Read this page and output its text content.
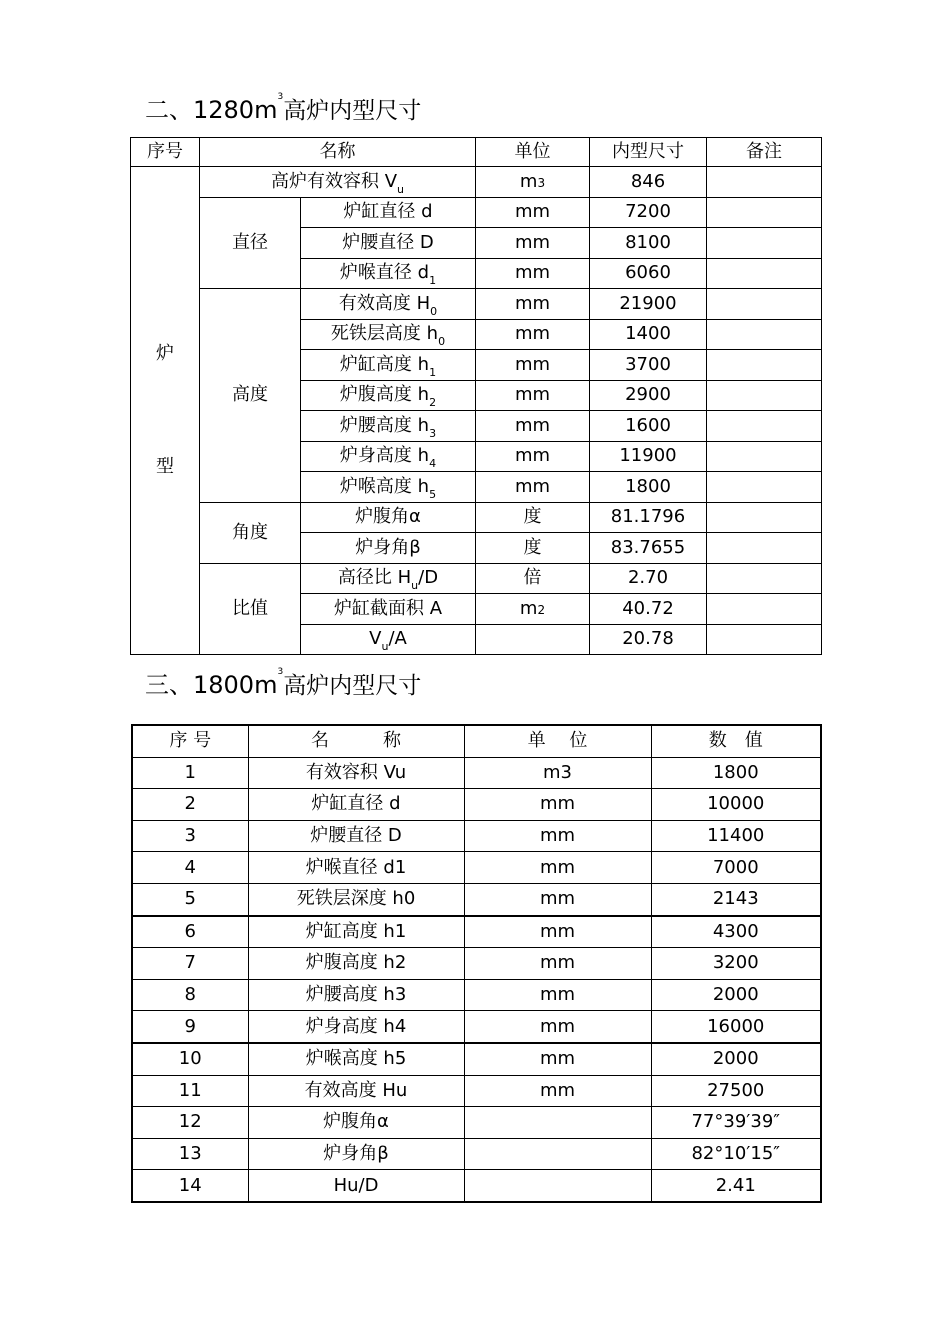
二、$1280m^3$高炉内型尺寸
序号	名称		单位	内型尺寸	备注

炉
型	高炉有效容积 $V_u$		m3	846	
	直径	炉缸直径 d	mm	7200	
		炉腰直径 D	mm	8100	
		炉喉直径 $d_1$	mm	6060	
	高度	有效高度 $H_0$	mm	21900	
		死铁层高度 $h_0$	mm	1400	
		炉缸高度 $h_1$	mm	3700	
		炉腹高度 $h_2$	mm	2900	
		炉腰高度 $h_3$	mm	1600	
		炉身高度 $h_4$	mm	11900	
		炉喉高度 $h_5$	mm	1800	
	角度	炉腹角α	度	81.1796	
		炉身角β	度	83.7655	
	比值	高径比 $H_u/D$	倍	2.70	
		炉缸截面积 A	m2	40.72	
		$V_u/A$		20.78	
三、$1800m^3$高炉内型尺寸
序 号	名　　　称	单　 位	数　值
1	有效容积 Vu	m3	1800
2	炉缸直径 d	mm	10000
3	炉腰直径 D	mm	11400
4	炉喉直径 d1	mm	7000
5	死铁层深度 h0	mm	2143
6	炉缸高度 h1	mm	4300
7	炉腹高度 h2	mm	3200
8	炉腰高度 h3	mm	2000
9	炉身高度 h4	mm	16000
10	炉喉高度 h5	mm	2000
11	有效高度 Hu	mm	27500
12	炉腹角α		77°39′39″
13	炉身角β		82°10′15″
14	Hu/D		2.41
